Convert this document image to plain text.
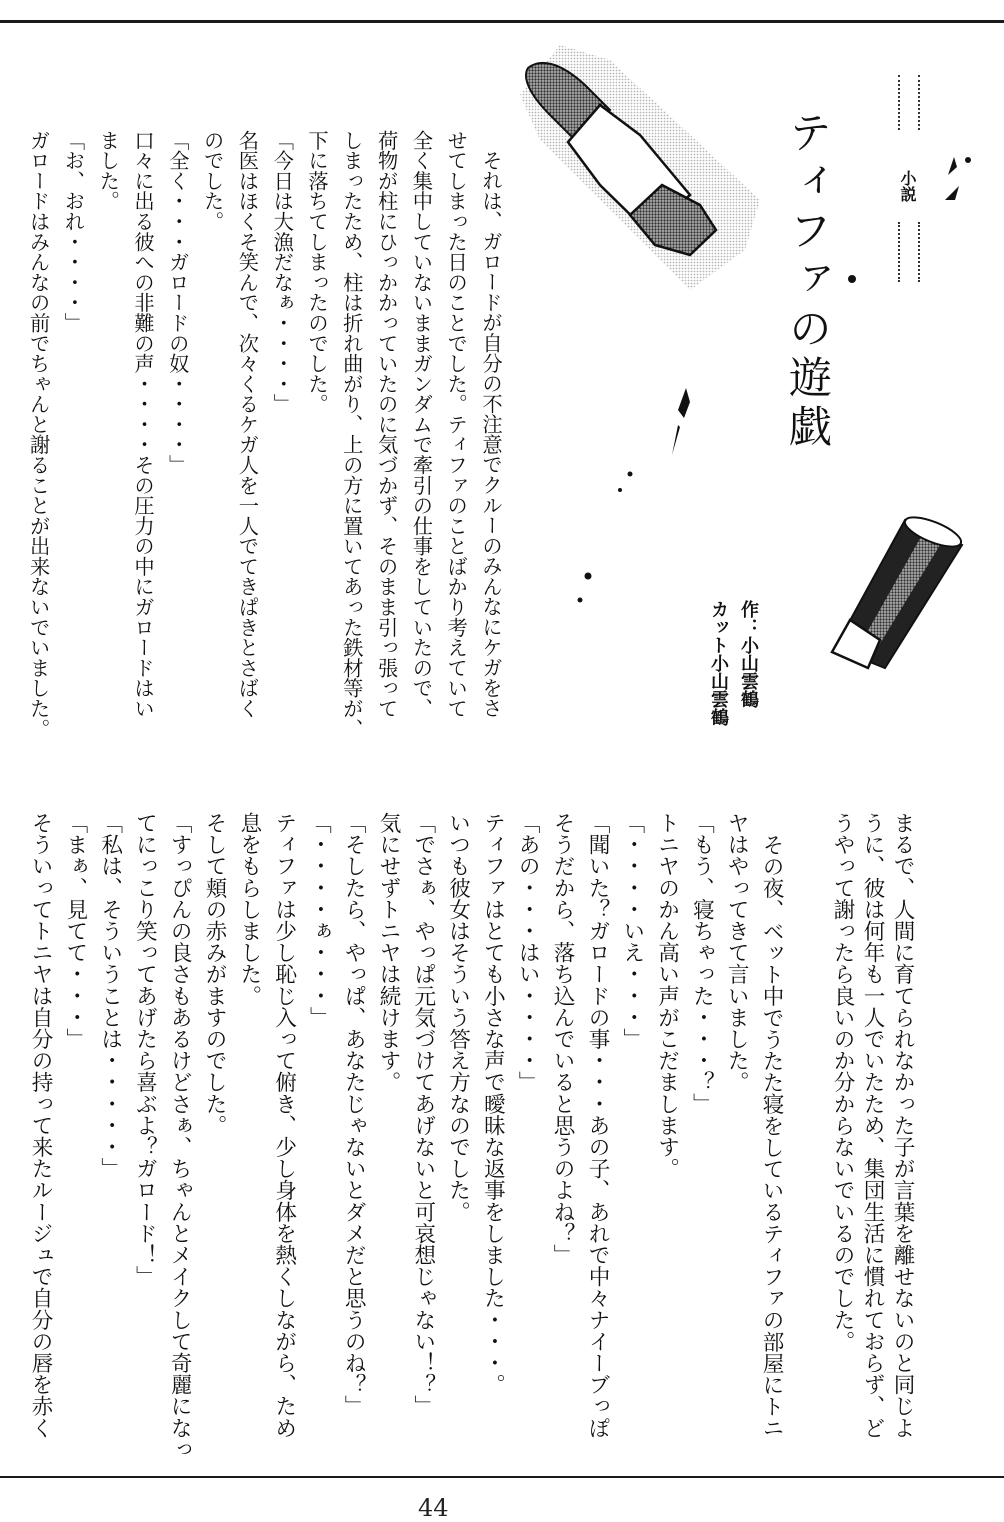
小説
ティファの遊戯
作：小山雲鶴
カット小山雲鶴
それは、ガロードが自分の不注意でクルーのみんなにケガをさ
せてしまった日のことでした。ティファのことばかり考えていて
全く集中していないままガンダムで牽引の仕事をしていたので、
荷物が柱にひっかかっていたのに気づかず、そのまま引っ張って
しまったため、柱は折れ曲がり、上の方に置いてあった鉄材等が、
下に落ちてしまったのでした。
「今日は大漁だなぁ・・・・」
名医はほくそ笑んで、次々くるケガ人を一人でてきぱきとさばく
のでした。
「全く・・・ガロードの奴・・・・」
口々に出る彼への非難の声・・・・その圧力の中にガロードはい
ました。
「お、おれ・・・・」
ガロードはみんなの前でちゃんと謝ることが出来ないでいました。
まるで、人間に育てられなかった子が言葉を離せないのと同じよ
うに、彼は何年も一人でいたため、集団生活に慣れておらず、ど
うやって謝ったら良いのか分からないでいるのでした。
その夜、ベット中でうたた寝をしているティファの部屋にトニ
ヤはやってきて言いました。
「もう、寝ちゃった・・・？」
トニヤのかん高い声がこだまします。
「・・・・いえ・・・」
「聞いた？ガロードの事・・・あの子、あれで中々ナイーブっぽ
そうだから、落ち込んでいると思うのよね？」
「あの・・・はい・・・・」
ティファはとても小さな声で曖昧な返事をしました・・・。
いつも彼女はそういう答え方なのでした。
「でさぁ、やっぱ元気づけてあげないと可哀想じゃない！？」
気にせずトニヤは続けます。
「そしたら、やっぱ、あなたじゃないとダメだと思うのね？」
「・・・・ぁ・・・」
ティファは少し恥じ入って俯き、少し身体を熱くしながら、ため
息をもらしました。
そして頬の赤みがますのでした。
「すっぴんの良さもあるけどさぁ、ちゃんとメイクして奇麗になっ
てにっこり笑ってあげたら喜ぶよ？ガロード！」
「私は、そういうことは・・・・・」
「まぁ、見てて・・・」
そういってトニヤは自分の持って来たルージュで自分の唇を赤く
44
